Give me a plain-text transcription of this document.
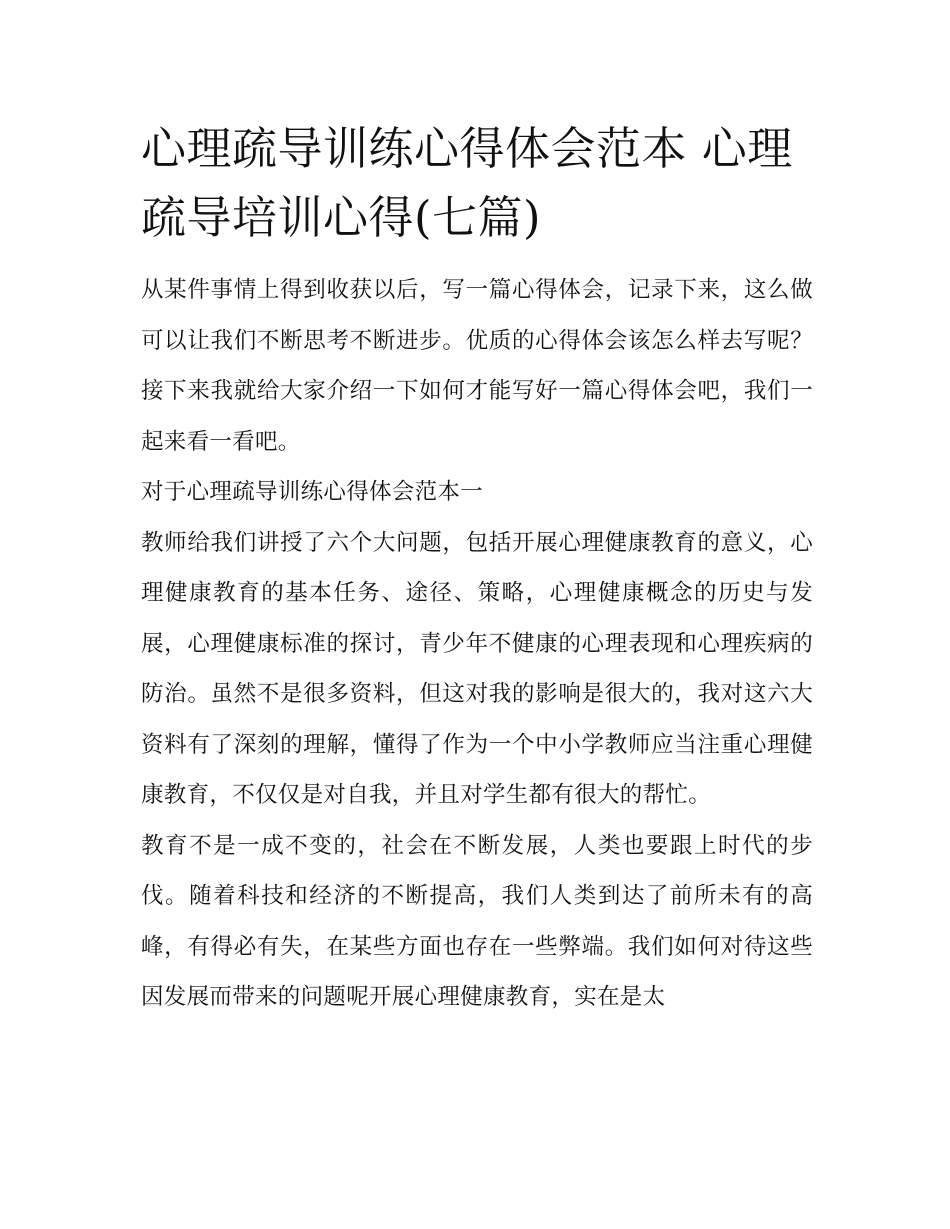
心理疏导训练心得体会范本 心理疏导培训心得(七篇)

从某件事情上得到收获以后，写一篇心得体会，记录下来，这么做可以让我们不断思考不断进步。优质的心得体会该怎么样去写呢？接下来我就给大家介绍一下如何才能写好一篇心得体会吧，我们一起来看一看吧。

对于心理疏导训练心得体会范本一

教师给我们讲授了六个大问题，包括开展心理健康教育的意义，心理健康教育的基本任务、途径、策略，心理健康概念的历史与发展，心理健康标准的探讨，青少年不健康的心理表现和心理疾病的防治。虽然不是很多资料，但这对我的影响是很大的，我对这六大资料有了深刻的理解，懂得了作为一个中小学教师应当注重心理健康教育，不仅仅是对自我，并且对学生都有很大的帮忙。

教育不是一成不变的，社会在不断发展，人类也要跟上时代的步伐。随着科技和经济的不断提高，我们人类到达了前所未有的高峰，有得必有失，在某些方面也存在一些弊端。我们如何对待这些因发展而带来的问题呢开展心理健康教育，实在是太
